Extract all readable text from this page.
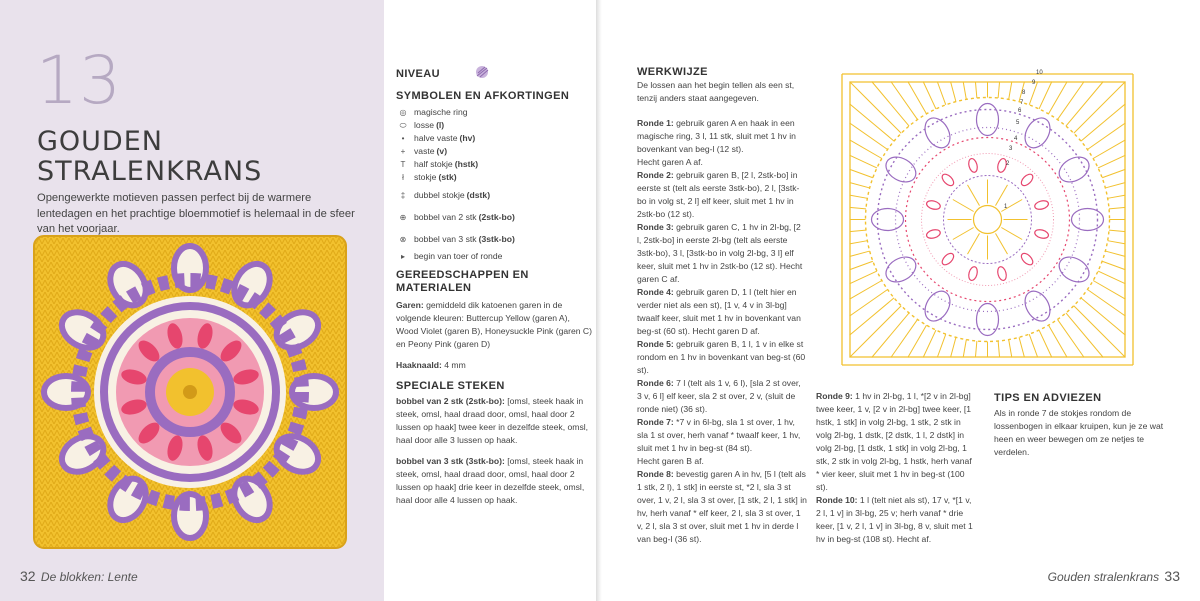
13
GOUDEN
STRALENKRANS
Opengewerkte motieven passen perfect bij de warmere lentedagen en het prachtige bloemmotief is helemaal in de sfeer van het voorjaar.
32 De blokken: Lente
NIVEAU
SYMBOLEN EN AFKORTINGEN
◎ magische ring
⬭ losse (l)
•	halve vaste (hv)
+	vaste (v)
T half stokje (hstk)
ł	stokje (stk)
‡	dubbel stokje (dstk)
⊕ bobbel van 2 stk (2stk-bo)
⊗ bobbel van 3 stk (3stk-bo)
▸	begin van toer of ronde
GEREEDSCHAPPEN EN
MATERIALEN

Garen: gemiddeld dik katoenen garen in de volgende kleuren: Buttercup Yellow (garen A), Wood Violet (garen B), Honeysuckle Pink (garen C) en Peony Pink (garen D)

Haaknaald: 4 mm

SPECIALE STEKEN

bobbel van 2 stk (2stk-bo): [omsl, steek haak in steek, omsl, haal draad door, omsl, haal door 2 lussen op haak] twee keer in dezelfde steek, omsl, haal door alle 3 lussen op haak.

bobbel van 3 stk (3stk-bo): [omsl, steek haak in steek, omsl, haal draad door, omsl, haal door 2 lussen op haak] drie keer in dezelfde steek, omsl, haal door alle 4 lussen op haak.

WERKWIJZE

De lossen aan het begin tellen als een st, tenzij anders staat aangegeven.

Ronde 1: gebruik garen A en haak in een magische ring, 3 l, 11 stk, sluit met 1 hv in bovenkant van beg-l (12 st).

Hecht garen A af.

Ronde 2: gebruik garen B, [2 l, 2stk-bo] in eerste st (telt als eerste 3stk-bo), 2 l, [3stk-bo in volg st, 2 l] elf keer, sluit met 1 hv in 2stk-bo (12 st).

Ronde 3: gebruik garen C, 1 hv in 2l-bg, [2 l, 2stk-bo] in eerste 2l-bg (telt als eerste 3stk-bo), 3 l, [3stk-bo in volg 2l-bg, 3 l] elf keer, sluit met 1 hv in 2stk-bo (12 st). Hecht garen C af.

Ronde 4: gebruik garen D, 1 l (telt hier en verder niet als een st), [1 v, 4 v in 3l-bg] twaalf keer, sluit met 1 hv in bovenkant van beg-st (60 st). Hecht garen D af.

Ronde 5: gebruik garen B, 1 l, 1 v in elke st rondom en 1 hv in bovenkant van beg-st (60 st).

Ronde 6: 7 l (telt als 1 v, 6 l), [sla 2 st over, 3 v, 6 l] elf keer, sla 2 st over, 2 v, (sluit de ronde niet) (36 st).

Ronde 7: *7 v in 6l-bg, sla 1 st over, 1 hv, sla 1 st over, herh vanaf * twaalf keer, 1 hv, sluit met 1 hv in beg-st (84 st).

Hecht garen B af.

Ronde 8: bevestig garen A in hv, [5 l (telt als 1 stk, 2 l), 1 stk] in eerste st, *2 l, sla 3 st over, 1 v, 2 l, sla 3 st over, [1 stk, 2 l, 1 stk] in hv, herh vanaf * elf keer, 2 l, sla 3 st over, 1 v, 2 l, sla 3 st over, sluit met 1 hv in derde l van beg-l (36 st).

Ronde 9: 1 hv in 2l-bg, 1 l, *[2 v in 2l-bg] twee keer, 1 v, [2 v in 2l-bg] twee keer, [1 hstk, 1 stk] in volg 2l-bg, 1 stk, 2 stk in volg 2l-bg, 1 dstk, [2 dstk, 1 l, 2 dstk] in volg 2l-bg, [1 dstk, 1 stk] in volg 2l-bg, 1 stk, 2 stk in volg 2l-bg, 1 hstk, herh vanaf * vier keer, sluit met 1 hv in beg-st (100 st).

Ronde 10: 1 l (telt niet als st), 17 v, *[1 v, 2 l, 1 v] in 3l-bg, 25 v; herh vanaf * drie keer, [1 v, 2 l, 1 v] in 3l-bg, 8 v, sluit met 1 hv in beg-st (108 st). Hecht af.

TIPS EN ADVIEZEN

Als in ronde 7 de stokjes rondom de lossenbogen in elkaar kruipen, kun je ze wat heen en weer bewegen om ze netjes te verdelen.

1
2
3
4
5
6
7
8
9
10
Gouden stralenkrans 33
